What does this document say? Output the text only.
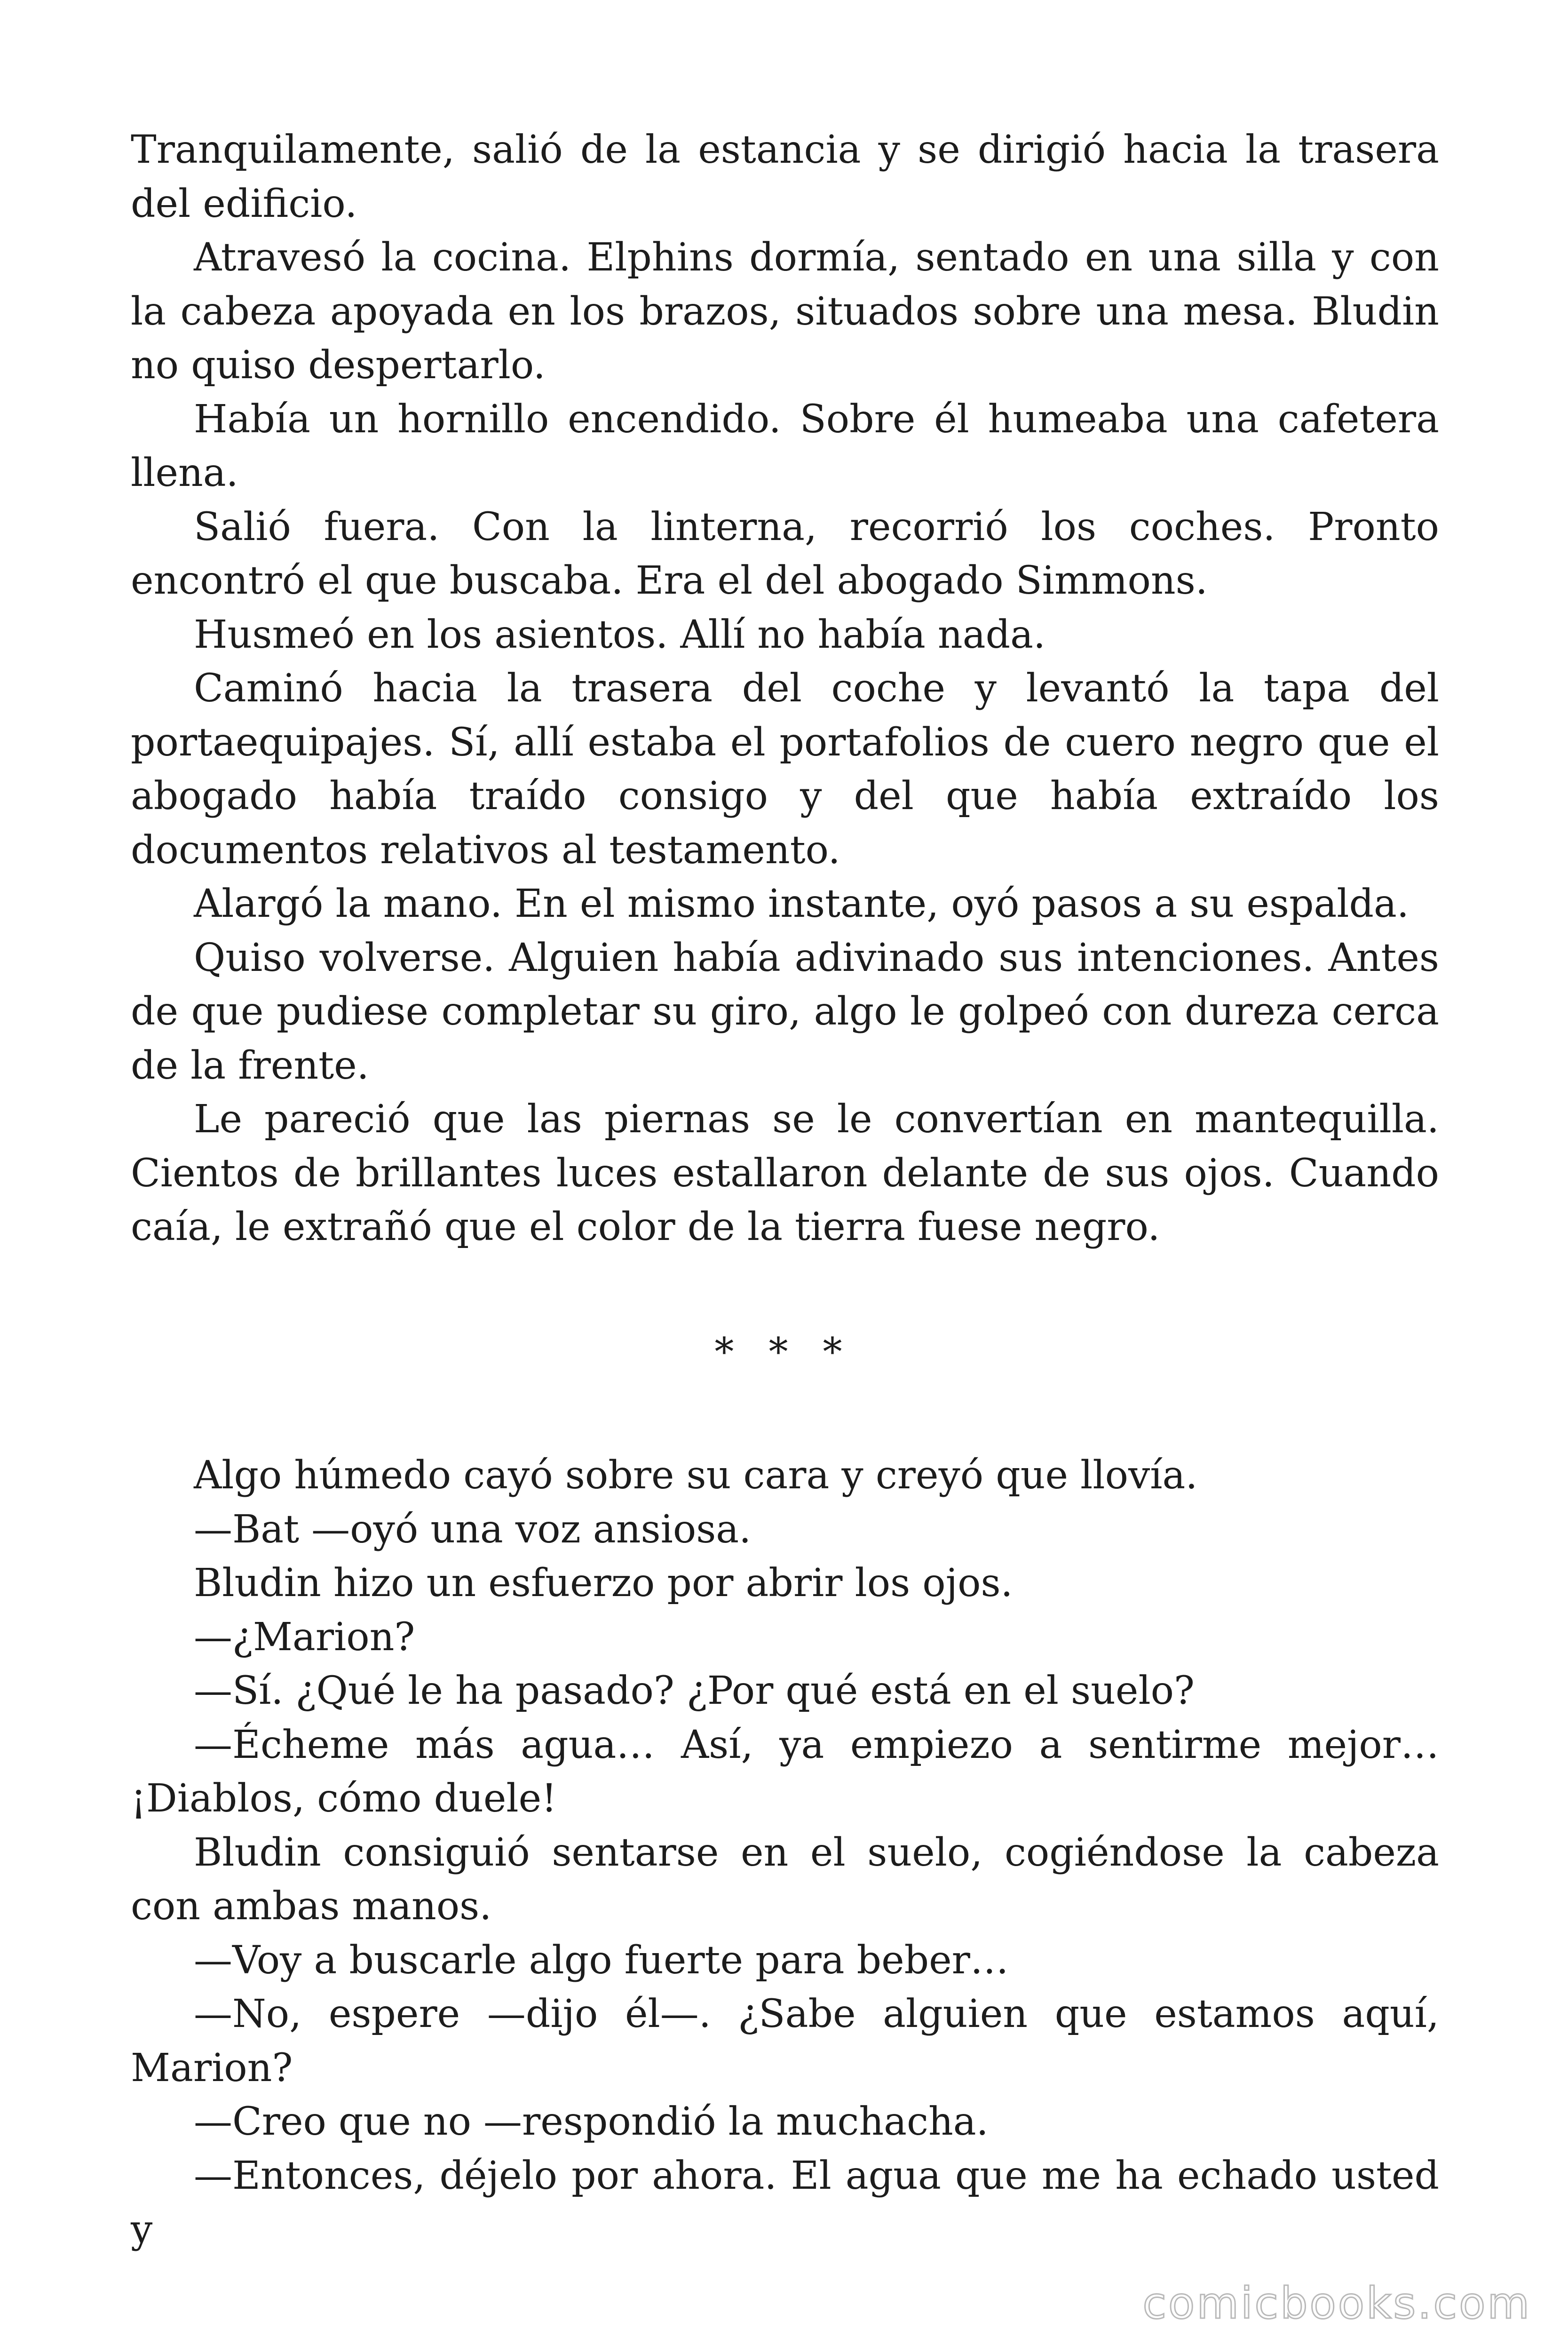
Tranquilamente, salió de la estancia y se dirigió hacia la trasera del edificio.

Atravesó la cocina. Elphins dormía, sentado en una silla y con la cabeza apoyada en los brazos, situados sobre una mesa. Bludin no quiso despertarlo.

Había un hornillo encendido. Sobre él humeaba una cafetera llena.

Salió fuera. Con la linterna, recorrió los coches. Pronto encontró el que buscaba. Era el del abogado Simmons.

Husmeó en los asientos. Allí no había nada.

Caminó hacia la trasera del coche y levantó la tapa del portaequipajes. Sí, allí estaba el portafolios de cuero negro que el abogado había traído consigo y del que había extraído los documentos relativos al testamento.

Alargó la mano. En el mismo instante, oyó pasos a su espalda.

Quiso volverse. Alguien había adivinado sus intenciones. Antes de que pudiese completar su giro, algo le golpeó con dureza cerca de la frente.

Le pareció que las piernas se le convertían en mantequilla. Cientos de brillantes luces estallaron delante de sus ojos. Cuando caía, le extrañó que el color de la tierra fuese negro.

* * *

Algo húmedo cayó sobre su cara y creyó que llovía.

—Bat —oyó una voz ansiosa.

Bludin hizo un esfuerzo por abrir los ojos.

—¿Marion?

—Sí. ¿Qué le ha pasado? ¿Por qué está en el suelo?

—Écheme más agua… Así, ya empiezo a sentirme mejor… ¡Diablos, cómo duele!

Bludin consiguió sentarse en el suelo, cogiéndose la cabeza con ambas manos.

—Voy a buscarle algo fuerte para beber…

—No, espere —dijo él—. ¿Sabe alguien que estamos aquí, Marion?

—Creo que no —respondió la muchacha.

—Entonces, déjelo por ahora. El agua que me ha echado usted y

comicbooks.com
